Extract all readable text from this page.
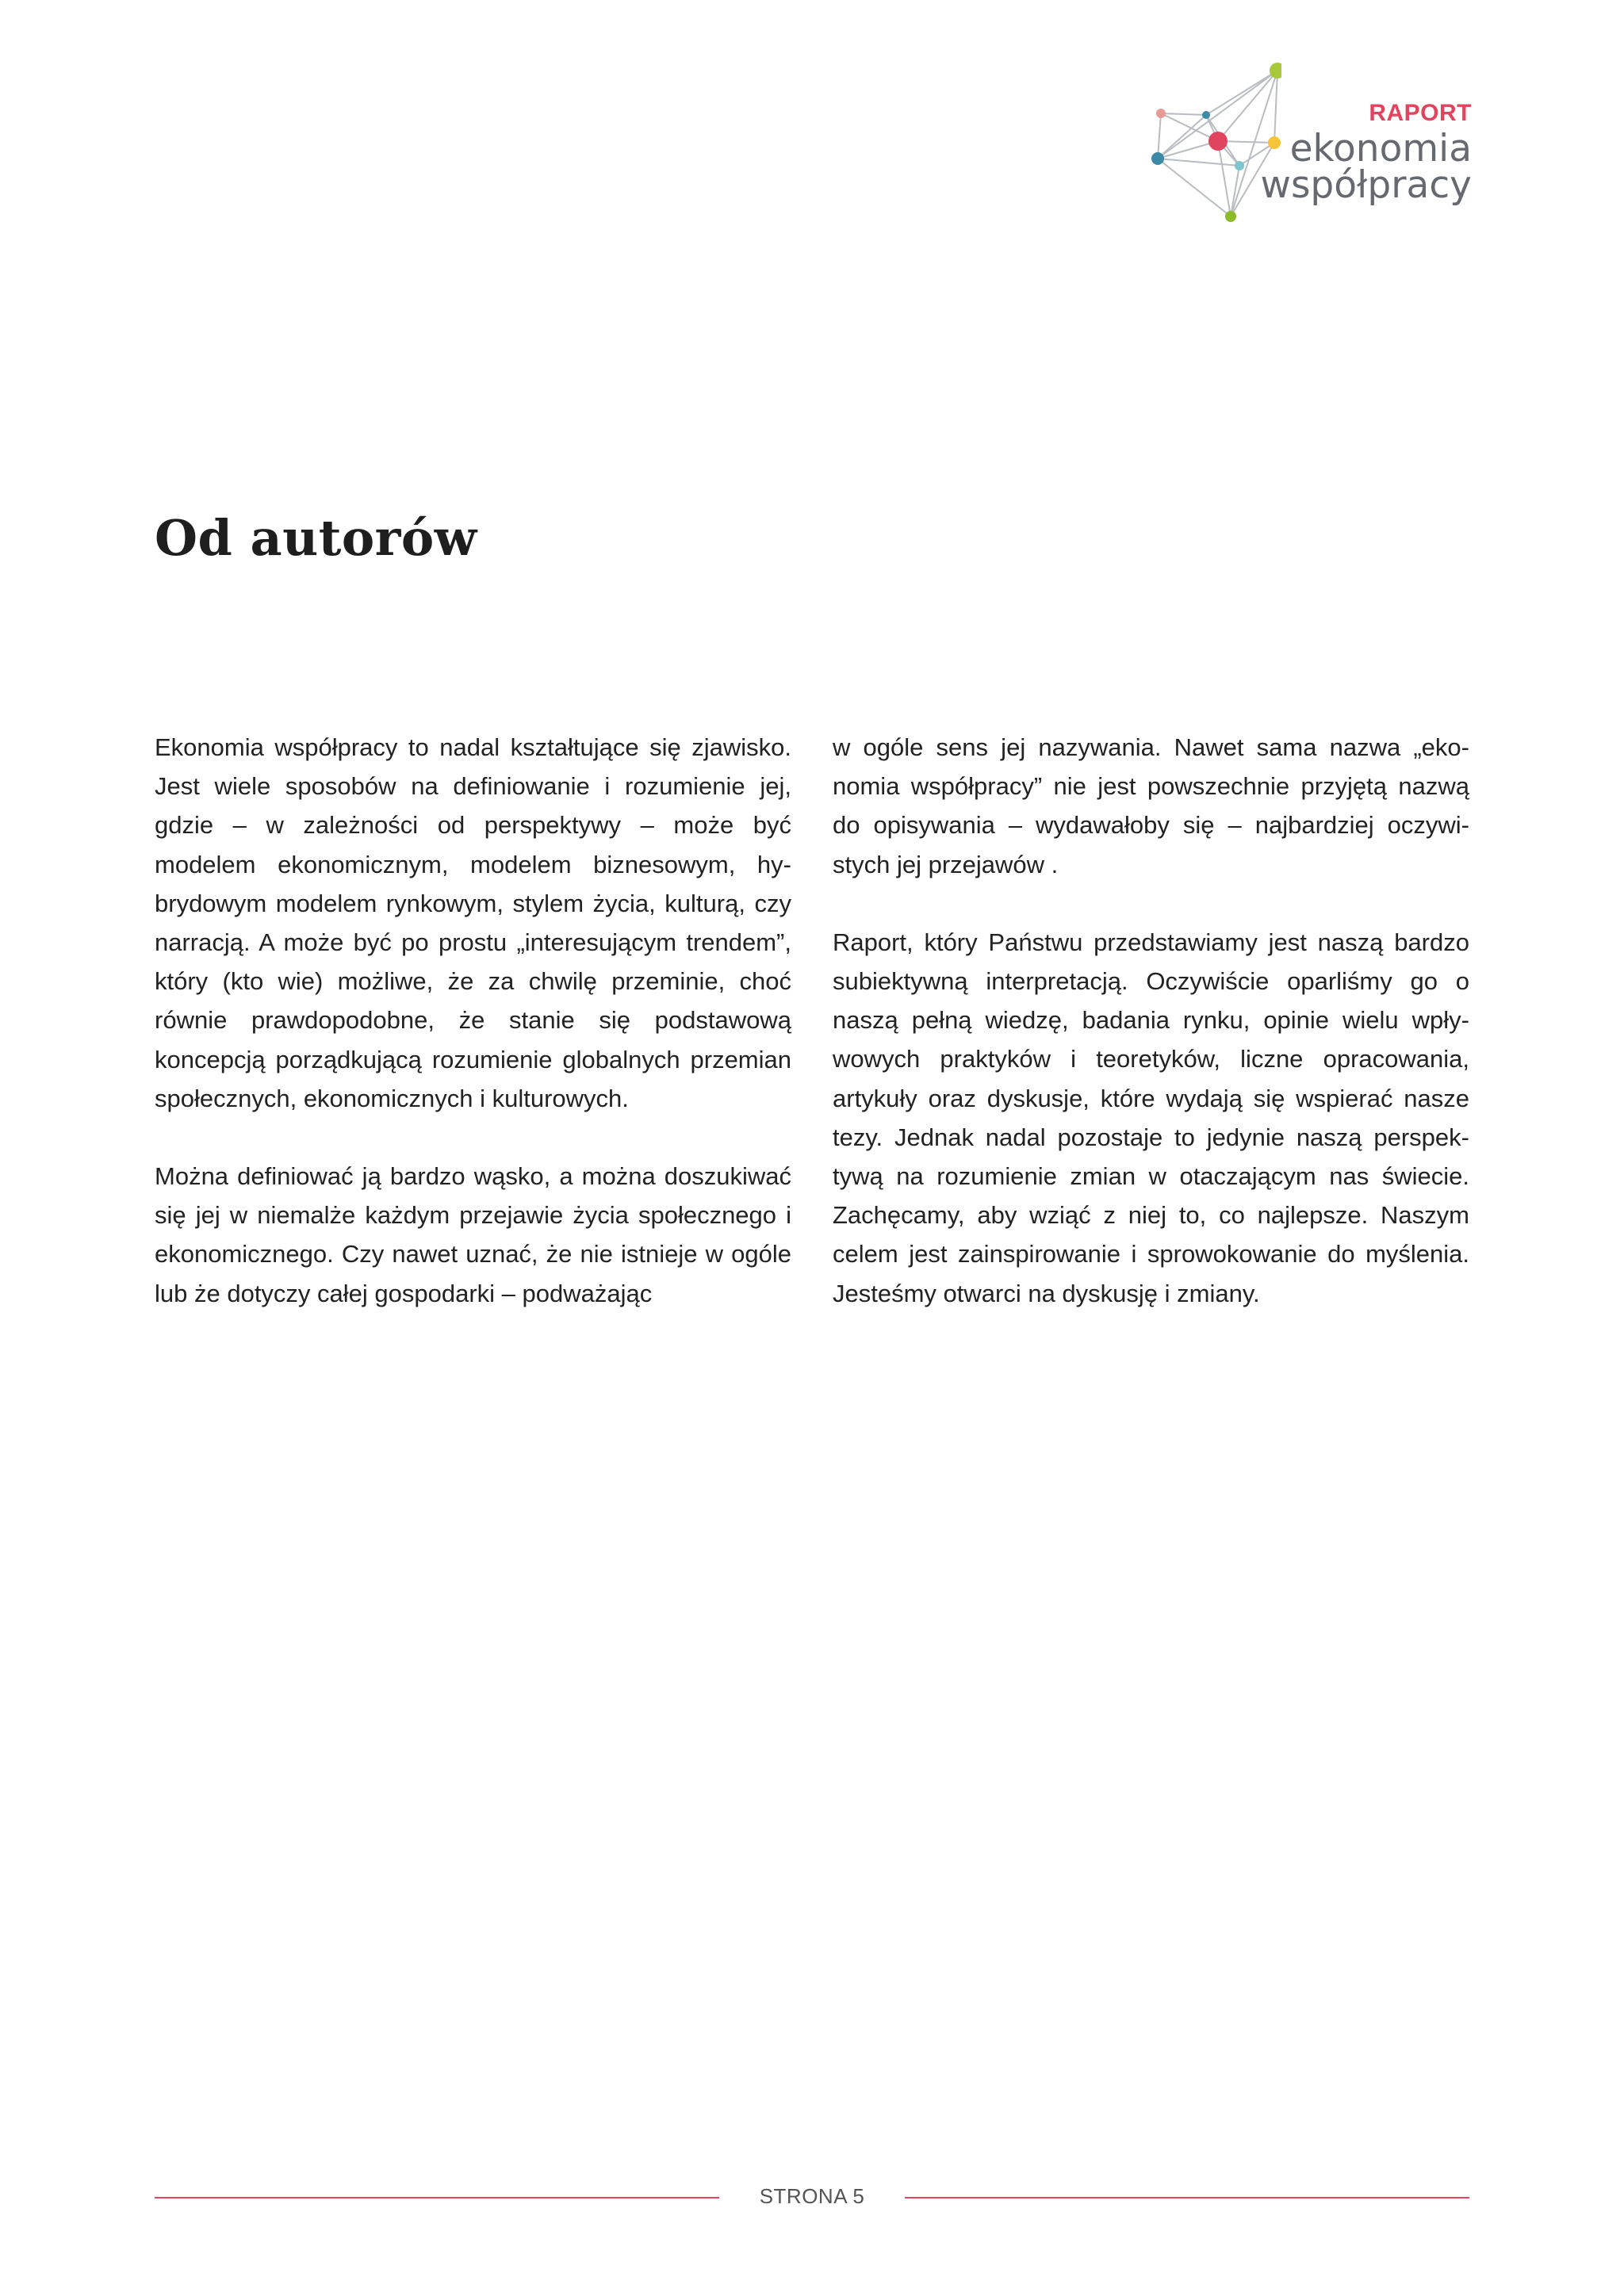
RAPORT
ekonomia
współpracy
Od autorów

Ekonomia współpracy to nadal kształtujące się zjawisko. Jest wiele sposobów na definiowanie i rozumienie jej, gdzie – w zależności od perspektywy – może być modelem ekonomicznym, modelem biznesowym, hybrydowym modelem rynkowym, stylem życia, kulturą, czy narracją. A może być po prostu „interesującym trendem”, który (kto wie) możliwe, że za chwilę przeminie, choć równie prawdopodobne, że stanie się podstawową koncepcją porządkującą rozumienie globalnych przemian społecznych, ekonomicznych i kulturowych.

Można definiować ją bardzo wąsko, a można doszukiwać się jej w niemalże każdym przejawie życia społecznego i ekonomicznego. Czy nawet uznać, że nie istnieje w ogóle lub że dotyczy całej gospodarki – podważając

w ogóle sens jej nazywania. Nawet sama nazwa „ekonomia współpracy” nie jest powszechnie przyjętą nazwą do opisywania – wydawałoby się – najbardziej oczywistych jej przejawów .

Raport, który Państwu przedstawiamy jest naszą bardzo subiektywną interpretacją. Oczywiście oparliśmy go o naszą pełną wiedzę, badania rynku, opinie wielu wpływowych praktyków i teoretyków, liczne opracowania, artykuły oraz dyskusje, które wydają się wspierać nasze tezy. Jednak nadal pozostaje to jedynie naszą perspektywą na rozumienie zmian w otaczającym nas świecie. Zachęcamy, aby wziąć z niej to, co najlepsze. Naszym celem jest zainspirowanie i sprowokowanie do myślenia. Jesteśmy otwarci na dyskusję i zmiany.

STRONA 5
